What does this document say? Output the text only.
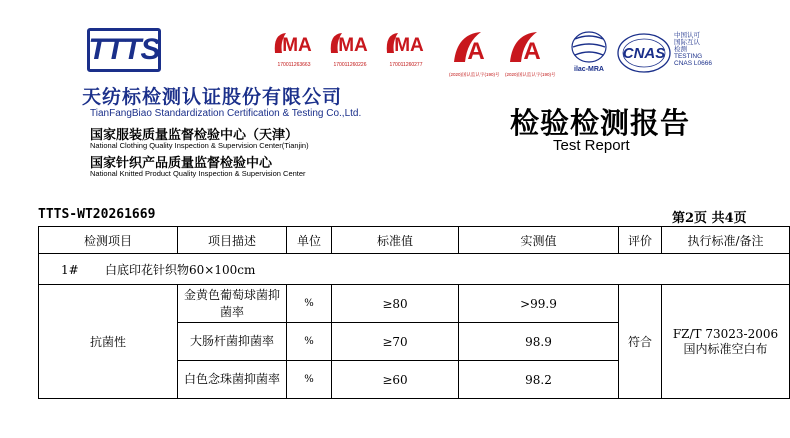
TTTS
天纺标检测认证股份有限公司
TianFangBiao Standardization Certification & Testing Co.,Ltd.
国家服装质量监督检验中心（天津）
National Clothing Quality Inspection & Supervision Center(Tianjin)
国家针织产品质量监督检验中心
National Knitted Product Quality Inspection & Supervision Center
MA
170011263663
MA
170011260226
MA
170011260277 A
(2020)国认监认字(190)号
A
(2020)国认监认字(190)号
ilac-MRA
CNAS
中国认可
国际互认
检测
TESTING
CNAS L0666
检验检测报告
Test Report
TTTS-WT20261669	第2页 共4页
检测项目	项目描述	单位	标准值	实测值	评价	执行标准/备注
1# 白底印花针织物60×100cm						
抗菌性	金黄色葡萄球菌抑菌率	%	≥80	>99.9	符合	FZ/T 73023-2006
国内标准空白布

	大肠杆菌抑菌率	%	≥70	98.9		
	白色念珠菌抑菌率	%	≥60	98.2		
